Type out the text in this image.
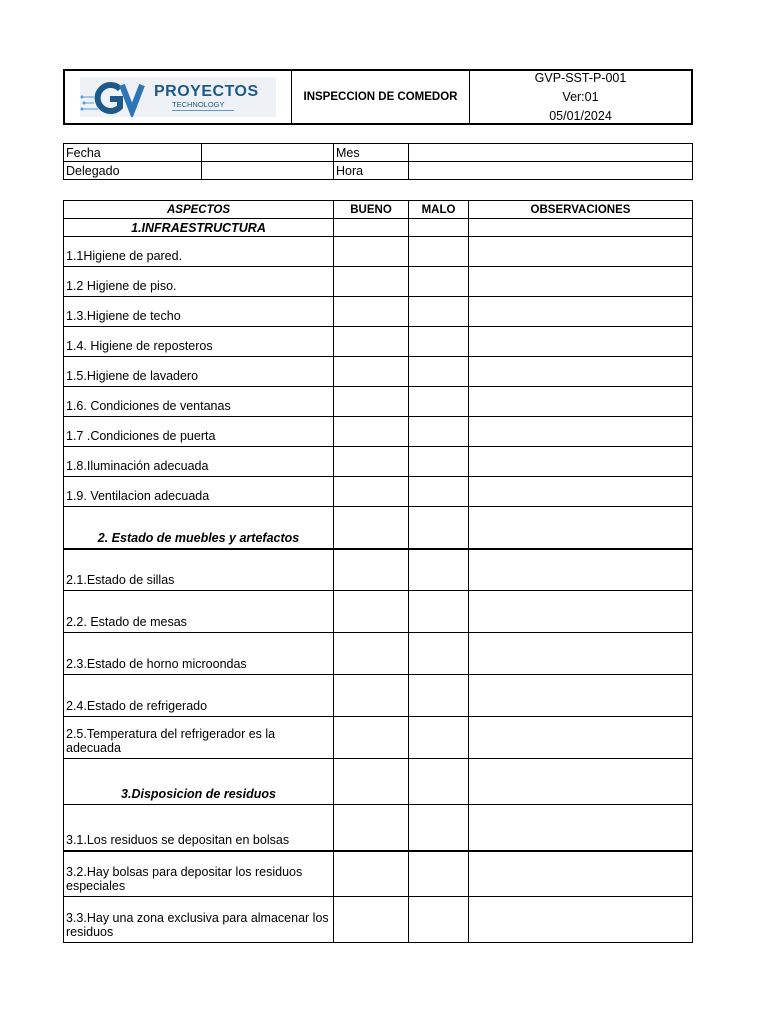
PROYECTOS
TECHNOLOGY
INSPECCION DE COMEDOR
GVP-SST-P-001
Ver:01
05/01/2024
Fecha		Mes	
Delegado		Hora	
ASPECTOS	BUENO	MALO	OBSERVACIONES
1.INFRAESTRUCTURA			
1.1Higiene de pared.			
1.2 Higiene de piso.			
1.3.Higiene de techo			
1.4. Higiene de reposteros			
1.5.Higiene de lavadero			
1.6. Condiciones de ventanas			
1.7 .Condiciones de puerta			
1.8.Iluminación adecuada			
1.9. Ventilacion adecuada			
2. Estado de muebles y artefactos			
2.1.Estado de sillas			
2.2. Estado de mesas			
2.3.Estado de horno microondas			
2.4.Estado de refrigerado			
2.5.Temperatura del refrigerador es la adecuada			
3.Disposicion de residuos			
3.1.Los residuos se depositan en bolsas			
3.2.Hay bolsas para depositar los residuos especiales			
3.3.Hay una zona exclusiva para almacenar los residuos			
